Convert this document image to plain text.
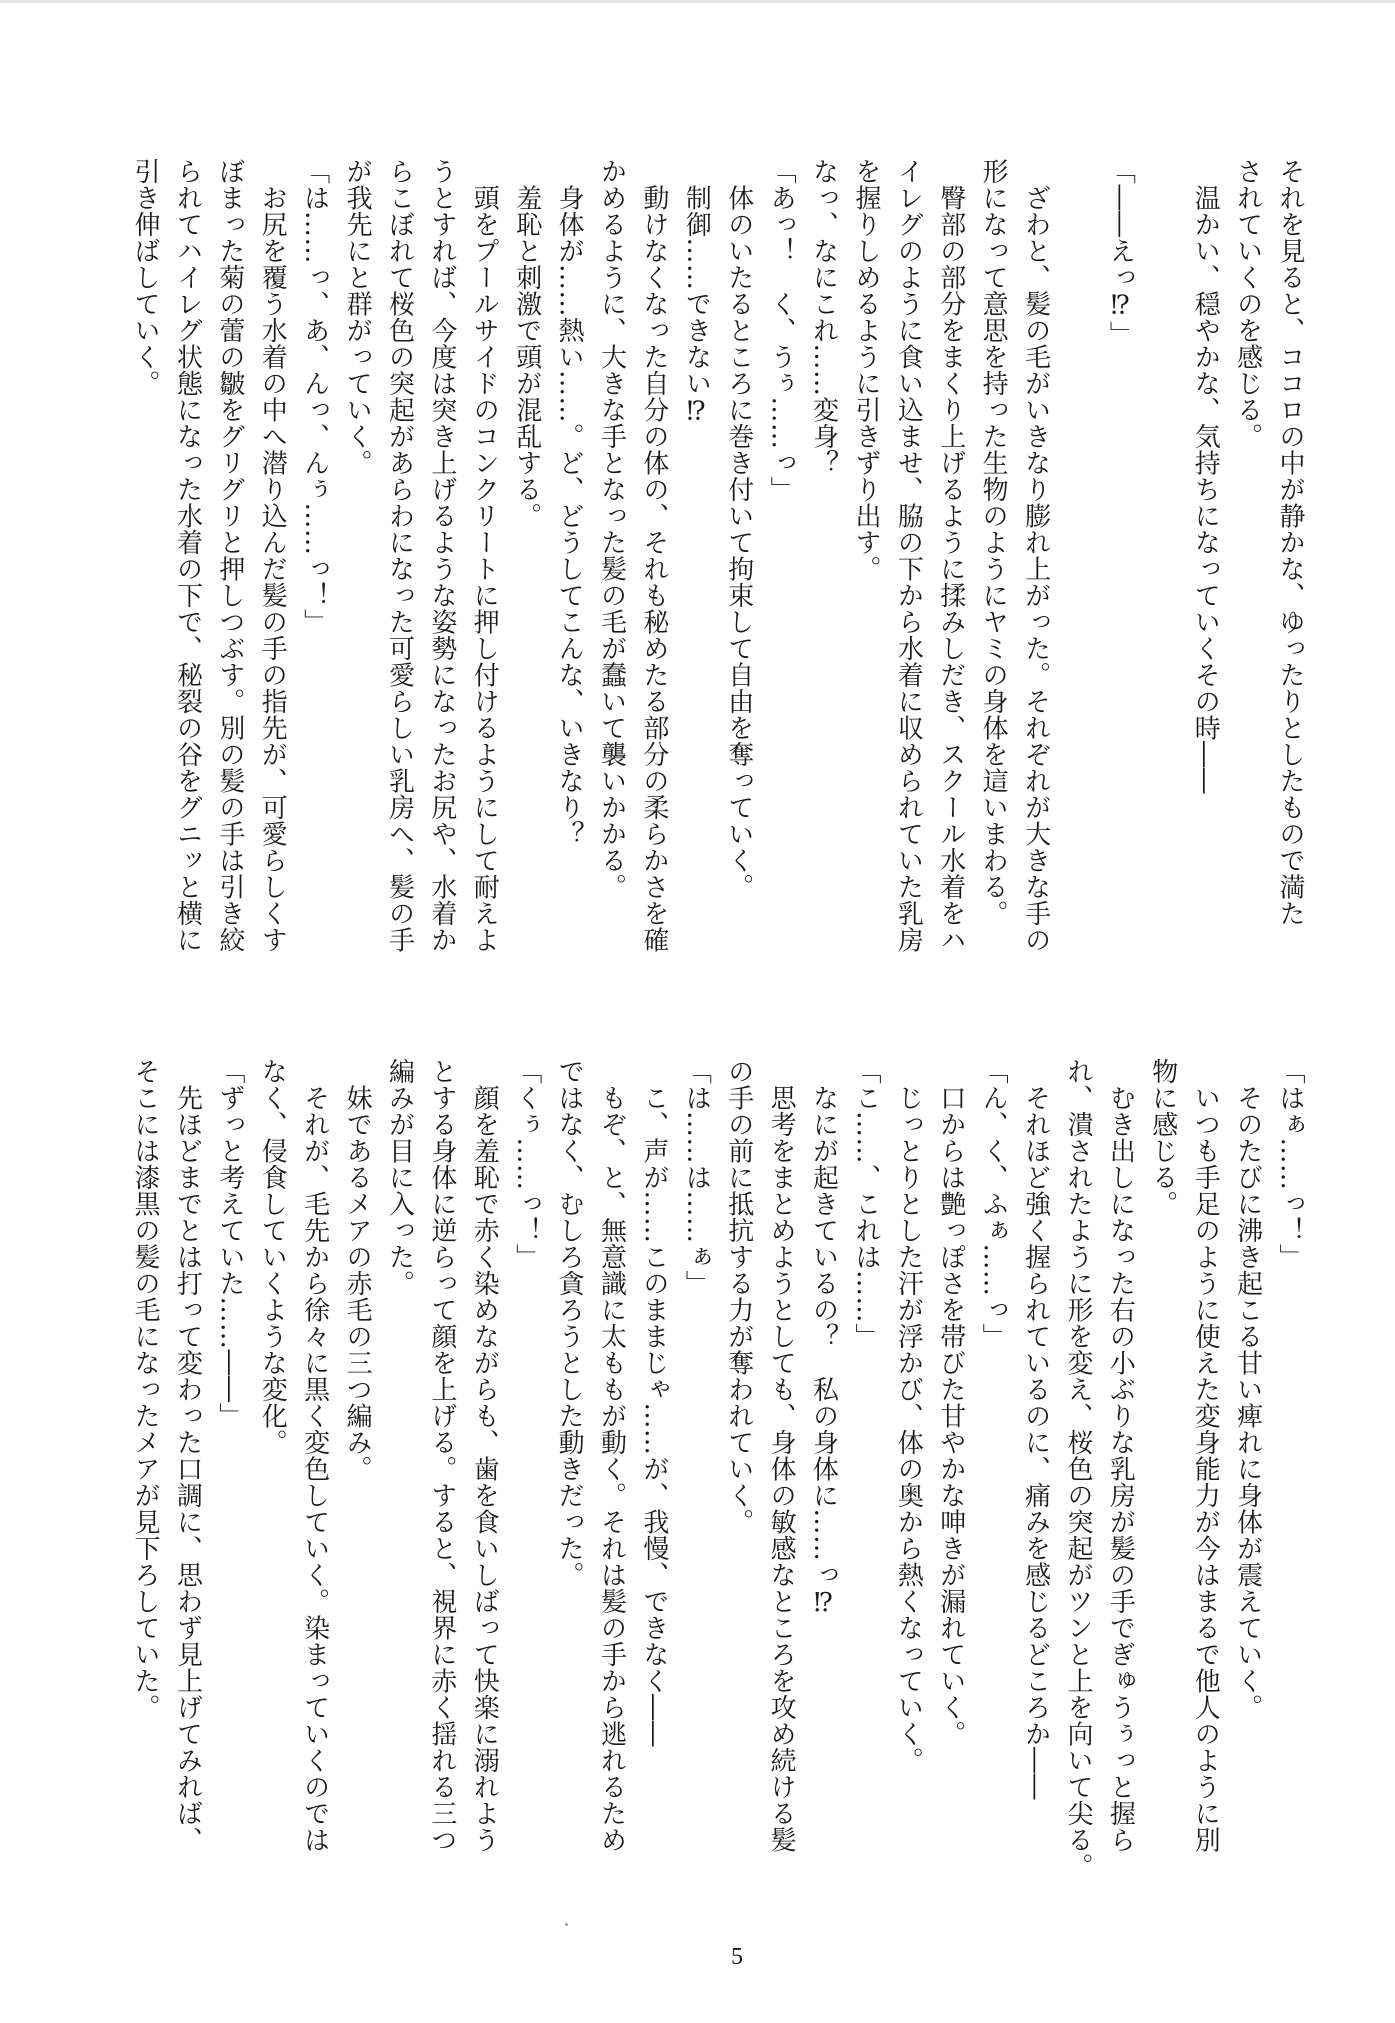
それを見ると、ココロの中が静かな、ゆったりとしたもので満た
されていくのを感じる。
　温かい、穏やかな、気持ちになっていくその時――

「――えっ⁉」

　ざわと、髪の毛がいきなり膨れ上がった。それぞれが大きな手の
形になって意思を持った生物のようにヤミの身体を這いまわる。
　臀部の部分をまくり上げるように揉みしだき、スクール水着をハ
イレグのように食い込ませ、脇の下から水着に収められていた乳房
を握りしめるように引きずり出す。
なっ、なにこれ……変身？
「あっ！　く、うぅ……っ」
　体のいたるところに巻き付いて拘束して自由を奪っていく。
　制御……できない⁉
　動けなくなった自分の体の、それも秘めたる部分の柔らかさを確
かめるように、大きな手となった髪の毛が蠢いて襲いかかる。
　身体が……熱い……。ど、どうしてこんな、いきなり？
　羞恥と刺激で頭が混乱する。
　頭をプールサイドのコンクリートに押し付けるようにして耐えよ
うとすれば、今度は突き上げるような姿勢になったお尻や、水着か
らこぼれて桜色の突起があらわになった可愛らしい乳房へ、髪の手
が我先にと群がっていく。
「は……っ、あ、んっ、んぅ……っ！」
　お尻を覆う水着の中へ潜り込んだ髪の手の指先が、可愛らしくす
ぼまった菊の蕾の皺をグリグリと押しつぶす。別の髪の手は引き絞
られてハイレグ状態になった水着の下で、秘裂の谷をグニッと横に
引き伸ばしていく。
「はぁ……っ！」
　そのたびに沸き起こる甘い痺れに身体が震えていく。
　いつも手足のように使えた変身能力が今はまるで他人のように別
物に感じる。
　むき出しになった右の小ぶりな乳房が髪の手でぎゅうぅっと握ら
れ、潰されたように形を変え、桜色の突起がツンと上を向いて尖る。
　それほど強く握られているのに、痛みを感じるどころか――
「ん、く、ふぁ……っ」
　口からは艶っぽさを帯びた甘やかな呻きが漏れていく。
　じっとりとした汗が浮かび、体の奥から熱くなっていく。
「こ……、これは……」
　なにが起きているの？　私の身体に……っ⁉
　思考をまとめようとしても、身体の敏感なところを攻め続ける髪
の手の前に抵抗する力が奪われていく。
「は……は……ぁ」
　こ、声が……このままじゃ……が、我慢、できなく――
　もぞ、と、無意識に太ももが動く。それは髪の手から逃れるため
ではなく、むしろ貪ろうとした動きだった。
「くぅ……っ！」
　顔を羞恥で赤く染めながらも、歯を食いしばって快楽に溺れよう
とする身体に逆らって顔を上げる。すると、視界に赤く揺れる三つ
編みが目に入った。
　妹であるメアの赤毛の三つ編み。
　それが、毛先から徐々に黒く変色していく。染まっていくのでは
なく、侵食していくような変化。
「ずっと考えていた……――」
　先ほどまでとは打って変わった口調に、思わず見上げてみれば、
そこには漆黒の髪の毛になったメアが見下ろしていた。
5
